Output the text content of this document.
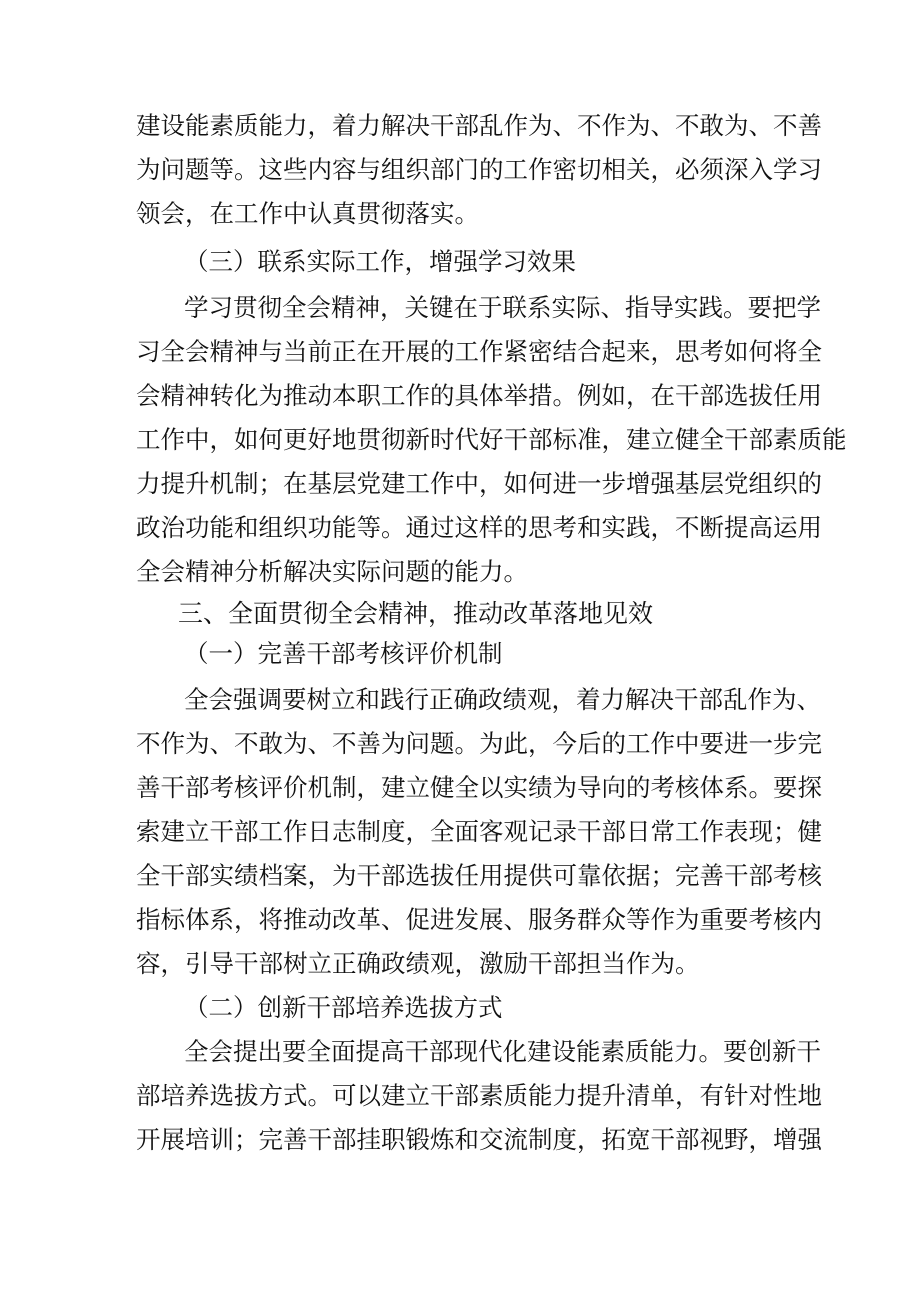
建设能素质能力，着力解决干部乱作为、不作为、不敢为、不善
为问题等。这些内容与组织部门的工作密切相关，必须深入学习
领会，在工作中认真贯彻落实。
（三）联系实际工作，增强学习效果
学习贯彻全会精神，关键在于联系实际、指导实践。要把学
习全会精神与当前正在开展的工作紧密结合起来，思考如何将全
会精神转化为推动本职工作的具体举措。例如，在干部选拔任用
工作中，如何更好地贯彻新时代好干部标准，建立健全干部素质能
力提升机制；在基层党建工作中，如何进一步增强基层党组织的
政治功能和组织功能等。通过这样的思考和实践，不断提高运用
全会精神分析解决实际问题的能力。
三、全面贯彻全会精神，推动改革落地见效
（一）完善干部考核评价机制
全会强调要树立和践行正确政绩观，着力解决干部乱作为、
不作为、不敢为、不善为问题。为此，今后的工作中要进一步完
善干部考核评价机制，建立健全以实绩为导向的考核体系。要探
索建立干部工作日志制度，全面客观记录干部日常工作表现；健
全干部实绩档案，为干部选拔任用提供可靠依据；完善干部考核
指标体系，将推动改革、促进发展、服务群众等作为重要考核内
容，引导干部树立正确政绩观，激励干部担当作为。
（二）创新干部培养选拔方式
全会提出要全面提高干部现代化建设能素质能力。要创新干
部培养选拔方式。可以建立干部素质能力提升清单，有针对性地
开展培训；完善干部挂职锻炼和交流制度，拓宽干部视野，增强
